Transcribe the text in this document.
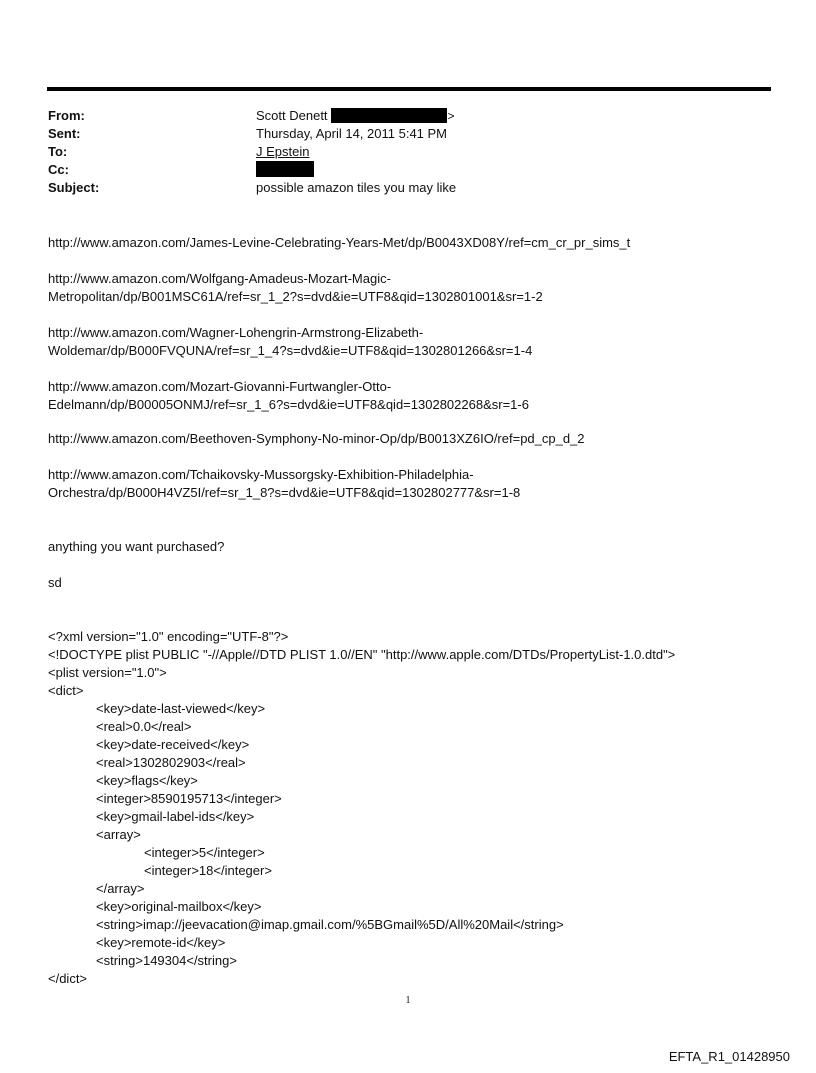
From:	Scott Denett	>
Sent:	Thursday, April 14, 2011 5:41 PM
To:	J Epstein
Cc:
Subject:	possible amazon tiles you may like
http://www.amazon.com/James-Levine-Celebrating-Years-Met/dp/B0043XD08Y/ref=cm_cr_pr_sims_t
http://www.amazon.com/Wolfgang-Amadeus-Mozart-Magic-
Metropolitan/dp/B001MSC61A/ref=sr_1_2?s=dvd&ie=UTF8&qid=1302801001&sr=1-2
http://www.amazon.com/Wagner-Lohengrin-Armstrong-Elizabeth-
Woldemar/dp/B000FVQUNA/ref=sr_1_4?s=dvd&ie=UTF8&qid=1302801266&sr=1-4
http://www.amazon.com/Mozart-Giovanni-Furtwangler-Otto-
Edelmann/dp/B00005ONMJ/ref=sr_1_6?s=dvd&ie=UTF8&qid=1302802268&sr=1-6
http://www.amazon.com/Beethoven-Symphony-No-minor-Op/dp/B0013XZ6IO/ref=pd_cp_d_2
http://www.amazon.com/Tchaikovsky-Mussorgsky-Exhibition-Philadelphia-
Orchestra/dp/B000H4VZ5I/ref=sr_1_8?s=dvd&ie=UTF8&qid=1302802777&sr=1-8
anything you want purchased?
sd
<?xml version="1.0" encoding="UTF-8"?>
<!DOCTYPE plist PUBLIC "-//Apple//DTD PLIST 1.0//EN" "http://www.apple.com/DTDs/PropertyList-1.0.dtd">
<plist version="1.0">
<dict>
<key>date-last-viewed</key>
<real>0.0</real>
<key>date-received</key>
<real>1302802903</real>
<key>flags</key>
<integer>8590195713</integer>
<key>gmail-label-ids</key>
<array>
<integer>5</integer>
<integer>18</integer>
</array>
<key>original-mailbox</key>
<string>imap://jeevacation@imap.gmail.com/%5BGmail%5D/All%20Mail</string>
<key>remote-id</key>
<string>149304</string>
</dict>
1
EFTA_R1_01428950
